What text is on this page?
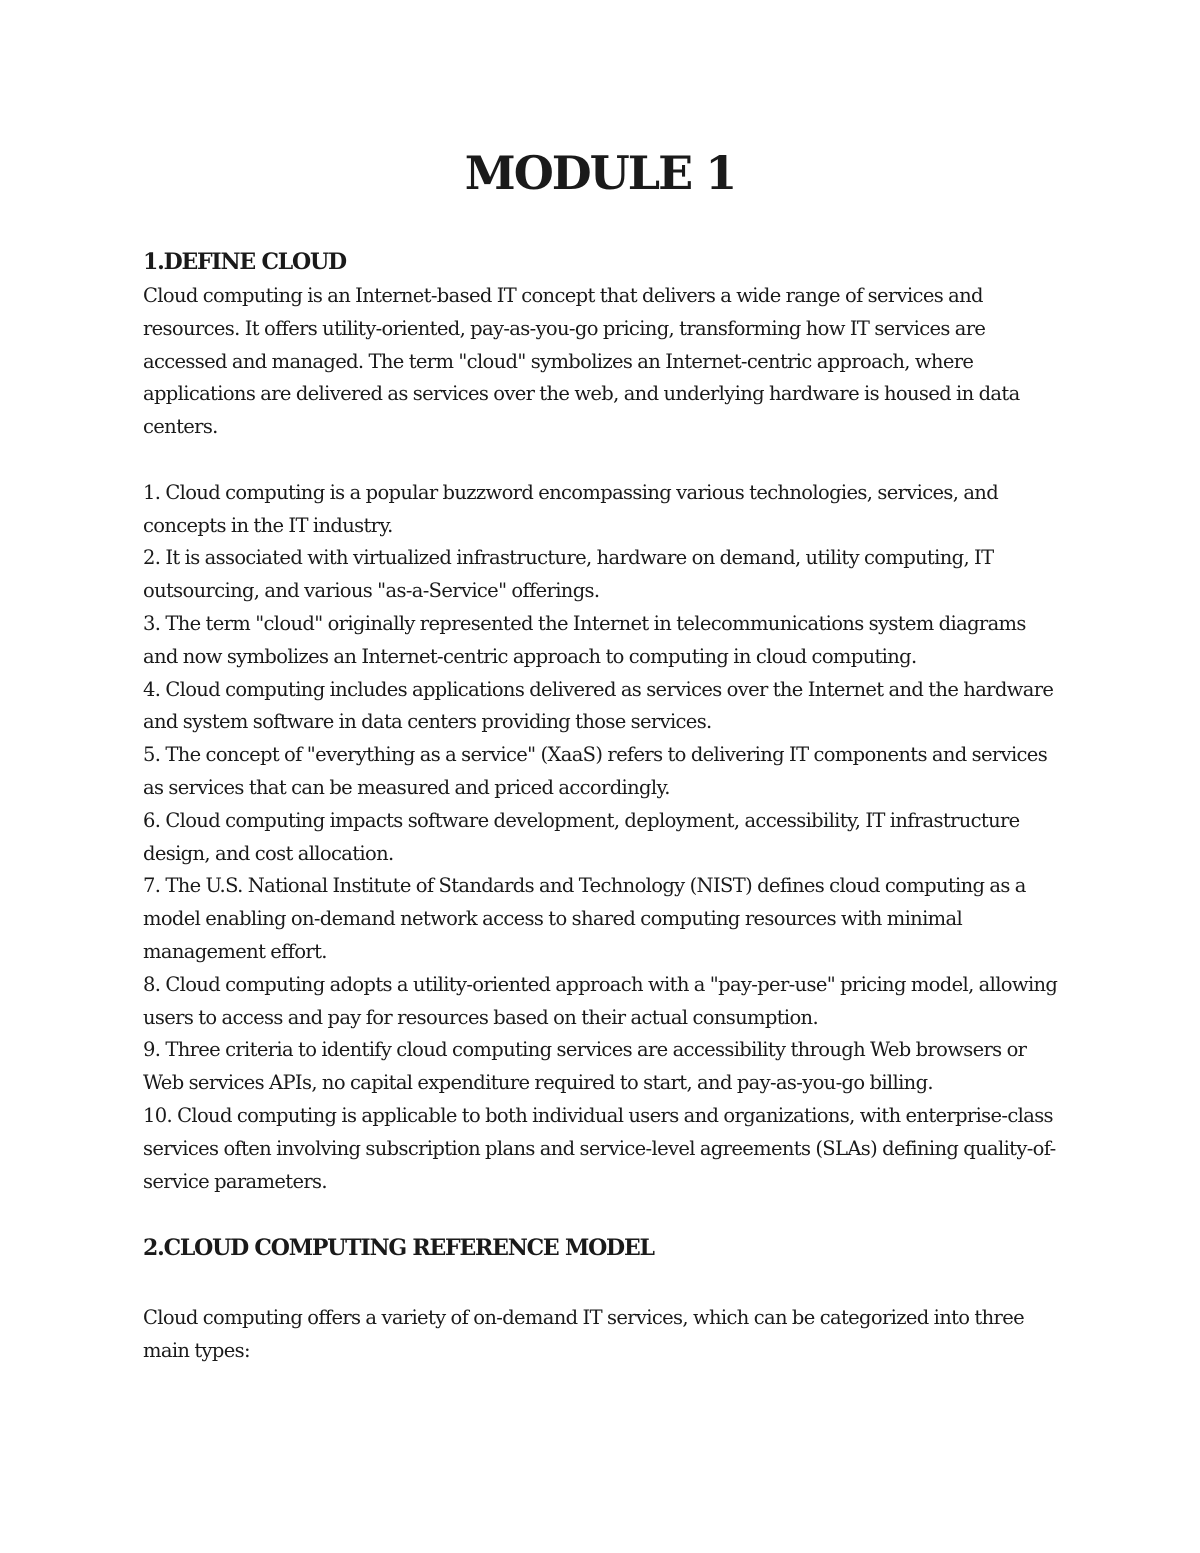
MODULE 1
1.DEFINE CLOUD

Cloud computing is an Internet-based IT concept that delivers a wide range of services and resources. It offers utility-oriented, pay-as-you-go pricing, transforming how IT services are accessed and managed. The term "cloud" symbolizes an Internet-centric approach, where applications are delivered as services over the web, and underlying hardware is housed in data centers.

1. Cloud computing is a popular buzzword encompassing various technologies, services, and concepts in the IT industry.

2. It is associated with virtualized infrastructure, hardware on demand, utility computing, IT outsourcing, and various "as-a-Service" offerings.

3. The term "cloud" originally represented the Internet in telecommunications system diagrams and now symbolizes an Internet-centric approach to computing in cloud computing.

4. Cloud computing includes applications delivered as services over the Internet and the hardware and system software in data centers providing those services.

5. The concept of "everything as a service" (XaaS) refers to delivering IT components and services as services that can be measured and priced accordingly.

6. Cloud computing impacts software development, deployment, accessibility, IT infrastructure design, and cost allocation.

7. The U.S. National Institute of Standards and Technology (NIST) defines cloud computing as a model enabling on-demand network access to shared computing resources with minimal management effort.

8. Cloud computing adopts a utility-oriented approach with a "pay-per-use" pricing model, allowing users to access and pay for resources based on their actual consumption.

9. Three criteria to identify cloud computing services are accessibility through Web browsers or Web services APIs, no capital expenditure required to start, and pay-as-you-go billing.

10. Cloud computing is applicable to both individual users and organizations, with enterprise-class services often involving subscription plans and service-level agreements (SLAs) defining quality-of-service parameters.

2.CLOUD COMPUTING REFERENCE MODEL

Cloud computing offers a variety of on-demand IT services, which can be categorized into three main types:
